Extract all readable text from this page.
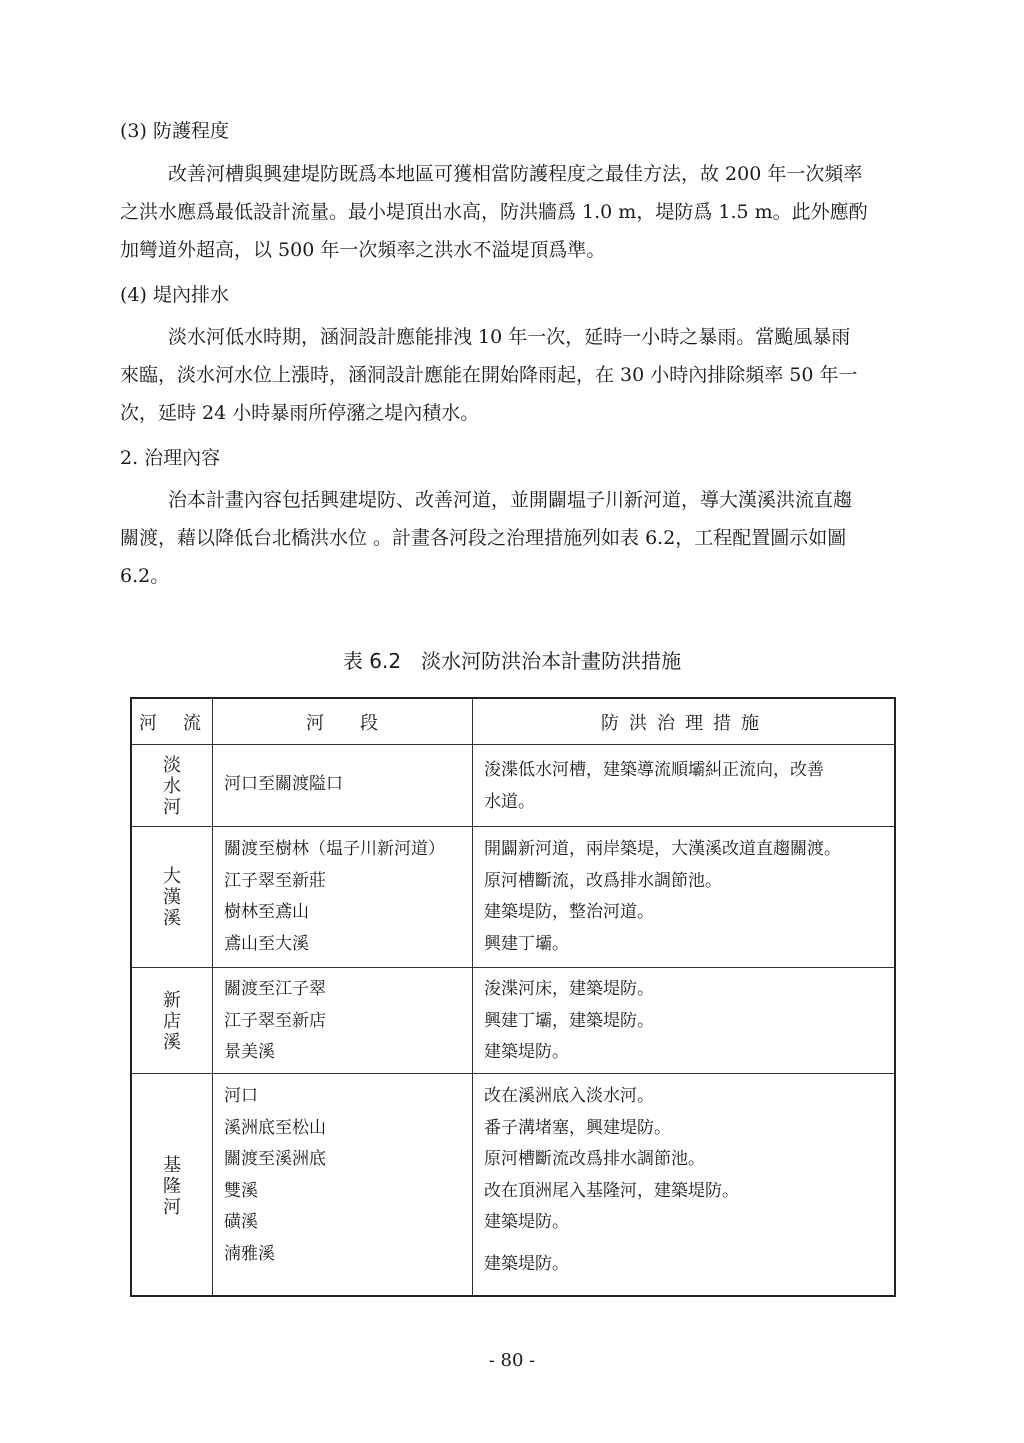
(3) 防護程度
改善河槽與興建堤防既爲本地區可獲相當防護程度之最佳方法，故 200 年一次頻率
之洪水應爲最低設計流量。最小堤頂出水高，防洪牆爲 1.0 m，堤防爲 1.5 m。此外應酌
加彎道外超高，以 500 年一次頻率之洪水不溢堤頂爲準。
(4) 堤內排水
淡水河低水時期，涵洞設計應能排洩 10 年一次，延時一小時之暴雨。當颱風暴雨
來臨，淡水河水位上漲時，涵洞設計應能在開始降雨起，在 30 小時內排除頻率 50 年一
次，延時 24 小時暴雨所停瀦之堤內積水。
2. 治理內容
治本計畫內容包括興建堤防、改善河道，並開闢塭子川新河道，導大漢溪洪流直趨
關渡，藉以降低台北橋洪水位 。計畫各河段之治理措施列如表 6.2，工程配置圖示如圖
6.2。
表 6.2　淡水河防洪治本計畫防洪措施
河　流	河　　段	防洪治理措施
淡水河
河口至關渡隘口
浚渫低水河槽，建築導流順壩糾正流向，改善
水道。
大漢溪
關渡至樹林（塭子川新河道）
江子翠至新莊
樹林至鳶山
鳶山至大溪
開闢新河道，兩岸築堤，大漢溪改道直趨關渡。
原河槽斷流，改爲排水調節池。
建築堤防，整治河道。
興建丁壩。
新店溪
關渡至江子翠
江子翠至新店
景美溪
浚渫河床，建築堤防。
興建丁壩，建築堤防。
建築堤防。
基隆河
河口
溪洲底至松山
關渡至溪洲底
雙溪
磺溪
湳雅溪
改在溪洲底入淡水河。
番子溝堵塞，興建堤防。
原河槽斷流改爲排水調節池。
改在頂洲尾入基隆河，建築堤防。
建築堤防。
建築堤防。
- 80 -
